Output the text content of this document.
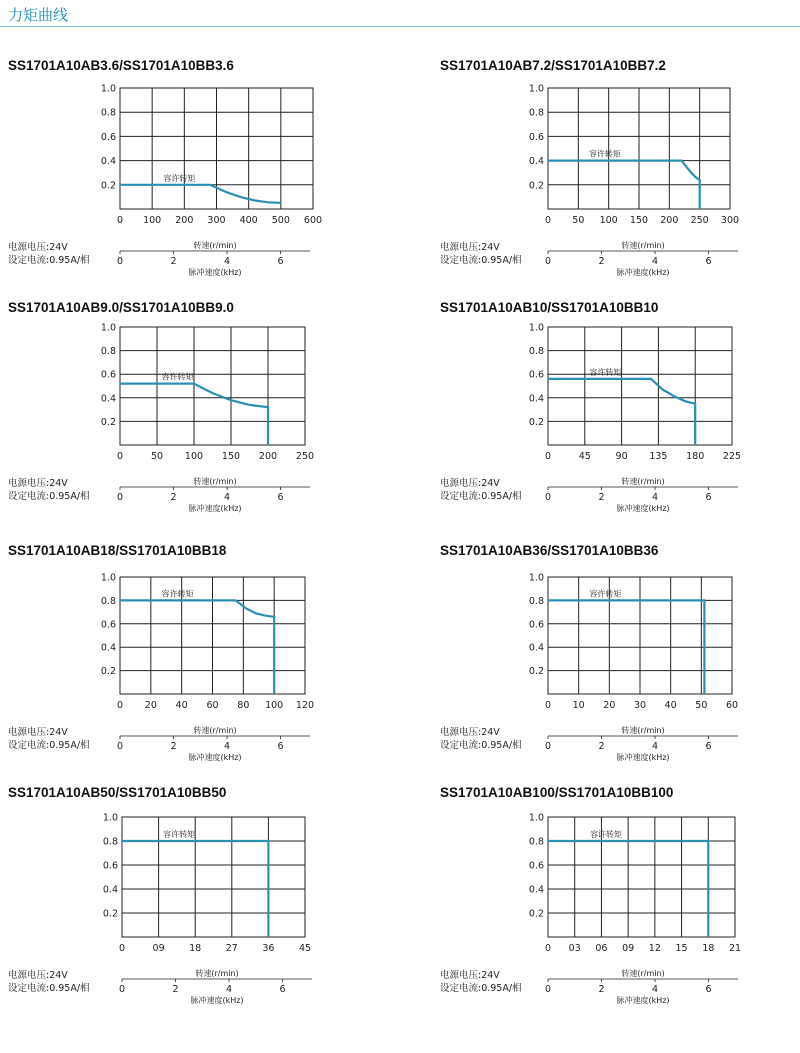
力矩曲线
SS1701A10AB3.6/SS1701A10BB3.6
0.2
0.4
0.6
0.8
1.0
0 100 200 300 400 500 600
容许转矩
转速(r/min)
0	2	4	6
脉冲速度(kHz)
电源电压:24V
设定电流:0.95A/相
SS1701A10AB7.2/SS1701A10BB7.2
0.2
0.4
0.6
0.8
1.0
0 50 100 150 200 250 300
容许转矩
转速(r/min)
0	2	4	6
脉冲速度(kHz)
电源电压:24V
设定电流:0.95A/相
SS1701A10AB9.0/SS1701A10BB9.0
0.2
0.4
0.6
0.8
1.0
0	50 100 150 200 250
容许转矩
转速(r/min)
0	2	4	6
脉冲速度(kHz)
电源电压:24V
设定电流:0.95A/相
SS1701A10AB10/SS1701A10BB10
0.2
0.4
0.6
0.8
1.0
0	45	90 135 180 225
容许转矩
转速(r/min)
0	2	4	6
脉冲速度(kHz)
电源电压:24V
设定电流:0.95A/相
SS1701A10AB18/SS1701A10BB18
0.2
0.4
0.6
0.8
1.0
0 20 40 60 80 100 120
容许转矩
转速(r/min)
0	2	4	6
脉冲速度(kHz)
电源电压:24V
设定电流:0.95A/相
SS1701A10AB36/SS1701A10BB36
0.2
0.4
0.6
0.8
1.0
0 10 20 30 40 50 60
容许转矩
转速(r/min)
0	2	4	6
脉冲速度(kHz)
电源电压:24V
设定电流:0.95A/相
SS1701A10AB50/SS1701A10BB50
0.2
0.4
0.6
0.8
1.0
0	09	18	27	36	45
容许转矩
转速(r/min)
0	2	4	6
脉冲速度(kHz)
电源电压:24V
设定电流:0.95A/相
SS1701A10AB100/SS1701A10BB100
0.2
0.4
0.6
0.8
1.0
0 03 06 09 12 15 18 21
容许转矩
转速(r/min)
0	2	4	6
脉冲速度(kHz)
电源电压:24V
设定电流:0.95A/相
